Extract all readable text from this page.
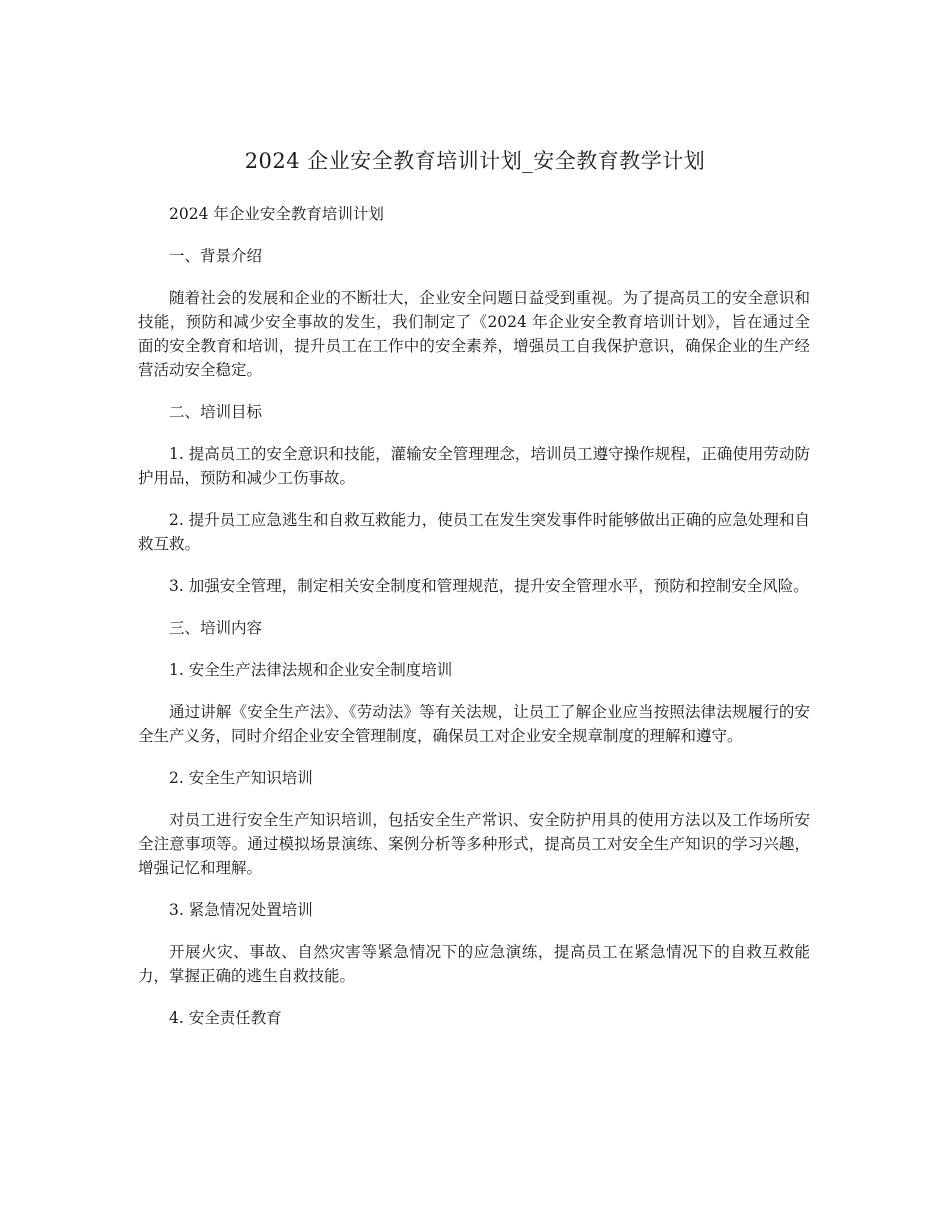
2024 企业安全教育培训计划_安全教育教学计划

2024 年企业安全教育培训计划

一、背景介绍

随着社会的发展和企业的不断壮大，企业安全问题日益受到重视。为了提高员工的安全意识和技能，预防和减少安全事故的发生，我们制定了《2024 年企业安全教育培训计划》，旨在通过全面的安全教育和培训，提升员工在工作中的安全素养，增强员工自我保护意识，确保企业的生产经营活动安全稳定。

二、培训目标

1. 提高员工的安全意识和技能，灌输安全管理理念，培训员工遵守操作规程，正确使用劳动防护用品，预防和减少工伤事故。

2. 提升员工应急逃生和自救互救能力，使员工在发生突发事件时能够做出正确的应急处理和自救互救。

3. 加强安全管理，制定相关安全制度和管理规范，提升安全管理水平，预防和控制安全风险。

三、培训内容

1. 安全生产法律法规和企业安全制度培训

通过讲解《安全生产法》、《劳动法》等有关法规，让员工了解企业应当按照法律法规履行的安全生产义务，同时介绍企业安全管理制度，确保员工对企业安全规章制度的理解和遵守。

2. 安全生产知识培训

对员工进行安全生产知识培训，包括安全生产常识、安全防护用具的使用方法以及工作场所安全注意事项等。通过模拟场景演练、案例分析等多种形式，提高员工对安全生产知识的学习兴趣，增强记忆和理解。

3. 紧急情况处置培训

开展火灾、事故、自然灾害等紧急情况下的应急演练，提高员工在紧急情况下的自救互救能力，掌握正确的逃生自救技能。

4. 安全责任教育
